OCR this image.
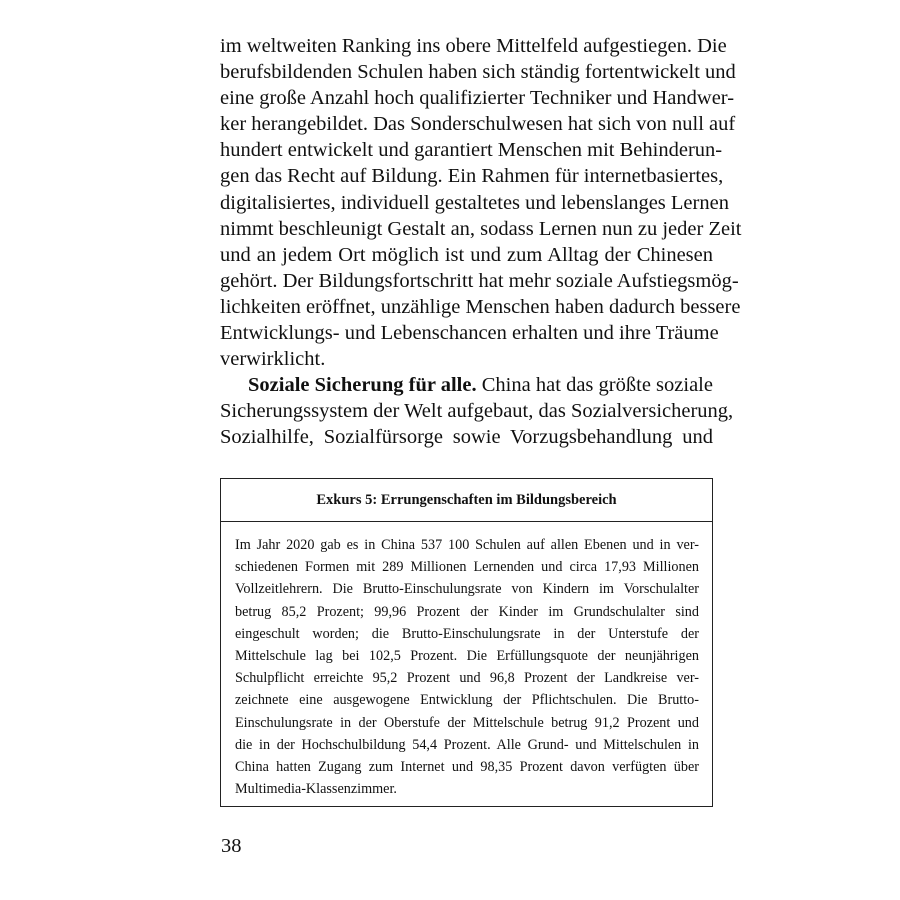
im weltweiten Ranking ins obere Mittelfeld aufgestiegen. Die
berufsbildenden Schulen haben sich ständig fortentwickelt und
eine große Anzahl hoch qualifizierter Techniker und Handwer-
ker herangebildet. Das Sonderschulwesen hat sich von null auf
hundert entwickelt und garantiert Menschen mit Behinderun-
gen das Recht auf Bildung. Ein Rahmen für internetbasiertes,
digitalisiertes, individuell gestaltetes und lebenslanges Lernen
nimmt beschleunigt Gestalt an, sodass Lernen nun zu jeder Zeit
und an jedem Ort möglich ist und zum Alltag der Chinesen
gehört. Der Bildungsfortschritt hat mehr soziale Aufstiegsmög-
lichkeiten eröffnet, unzählige Menschen haben dadurch bessere
Entwicklungs- und Lebenschancen erhalten und ihre Träume
verwirklicht.
Soziale Sicherung für alle. China hat das größte soziale
Sicherungssystem der Welt aufgebaut, das Sozialversicherung,
Sozialhilfe, Sozialfürsorge sowie Vorzugsbehandlung und
Exkurs 5: Errungenschaften im Bildungsbereich
Im Jahr 2020 gab es in China 537 100 Schulen auf allen Ebenen und in ver-
schiedenen Formen mit 289 Millionen Lernenden und circa 17,93 Millionen
Vollzeitlehrern. Die Brutto-Einschulungsrate von Kindern im Vorschulalter
betrug 85,2 Prozent; 99,96 Prozent der Kinder im Grundschulalter sind
eingeschult worden; die Brutto-Einschulungsrate in der Unterstufe der
Mittelschule lag bei 102,5 Prozent. Die Erfüllungsquote der neunjährigen
Schulpflicht erreichte 95,2 Prozent und 96,8 Prozent der Landkreise ver-
zeichnete eine ausgewogene Entwicklung der Pflichtschulen. Die Brutto-
Einschulungsrate in der Oberstufe der Mittelschule betrug 91,2 Prozent und
die in der Hochschulbildung 54,4 Prozent. Alle Grund- und Mittelschulen in
China hatten Zugang zum Internet und 98,35 Prozent davon verfügten über
Multimedia-Klassenzimmer.
38
